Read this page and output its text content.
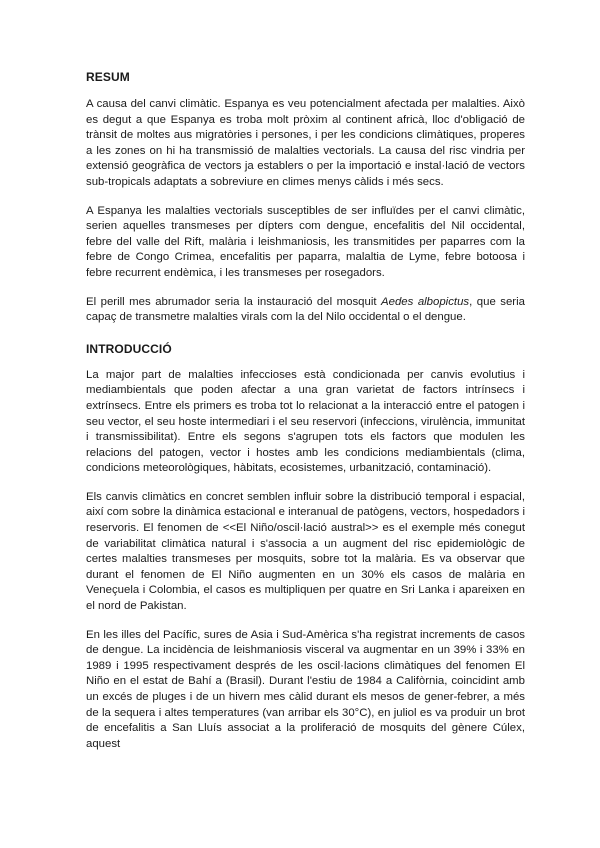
RESUM

A causa del canvi climàtic. Espanya es veu potencialment afectada per malalties. Això es degut a que Espanya es troba molt pròxim al continent africà, lloc d'obligació de trànsit de moltes aus migratòries i persones, i per les condicions climàtiques, properes a les zones on hi ha transmissió de malalties vectorials. La causa del risc vindria per extensió geogràfica de vectors ja establers o per la importació e instal·lació de vectors sub-tropicals adaptats a sobreviure en climes menys càlids i més secs.

A Espanya les malalties vectorials susceptibles de ser influïdes per el canvi climàtic, serien aquelles transmeses per dípters com dengue, encefalitis del Nil occidental, febre del valle del Rift, malària i leishmaniosis, les transmitides per paparres com la febre de Congo Crimea, encefalitis per paparra, malaltia de Lyme, febre botoosa i febre recurrent endèmica, i les transmeses per rosegadors.

El perill mes abrumador seria la instauració del mosquit Aedes albopictus, que seria capaç de transmetre malalties virals com la del Nilo occidental o el dengue.

INTRODUCCIÓ

La major part de malalties infeccioses està condicionada per canvis evolutius i mediambientals que poden afectar a una gran varietat de factors intrínsecs i extrínsecs. Entre els primers es troba tot lo relacionat a la interacció entre el patogen i seu vector, el seu hoste intermediari i el seu reservori (infeccions, virulència, immunitat i transmissibilitat). Entre els segons s'agrupen tots els factors que modulen les relacions del patogen, vector i hostes amb les condicions mediambientals (clima, condicions meteorològiques, hàbitats, ecosistemes, urbanització, contaminació).

Els canvis climàtics en concret semblen influir sobre la distribució temporal i espacial, així com sobre la dinàmica estacional e interanual de patògens, vectors, hospedadors i reservoris. El fenomen de <<El Niño/oscil·lació austral>> es el exemple més conegut de variabilitat climàtica natural i s'associa a un augment del risc epidemiològic de certes malalties transmeses per mosquits, sobre tot la malària. Es va observar que durant el fenomen de El Niño augmenten en un 30% els casos de malària en Veneçuela i Colombia, el casos es multipliquen per quatre en Sri Lanka i apareixen en el nord de Pakistan.

En les illes del Pacífic, sures de Asia i Sud-Amèrica s'ha registrat increments de casos de dengue. La incidència de leishmaniosis visceral va augmentar en un 39% i 33% en 1989 i 1995 respectivament després de les oscil·lacions climàtiques del fenomen El Niño en el estat de Bahí a (Brasil). Durant l'estiu de 1984 a Califòrnia, coincidint amb un excés de pluges i de un hivern mes càlid durant els mesos de gener-febrer, a més de la sequera i altes temperatures (van arribar els 30°C), en juliol es va produir un brot de encefalitis a San Lluís associat a la proliferació de mosquits del gènere Cúlex, aquest
